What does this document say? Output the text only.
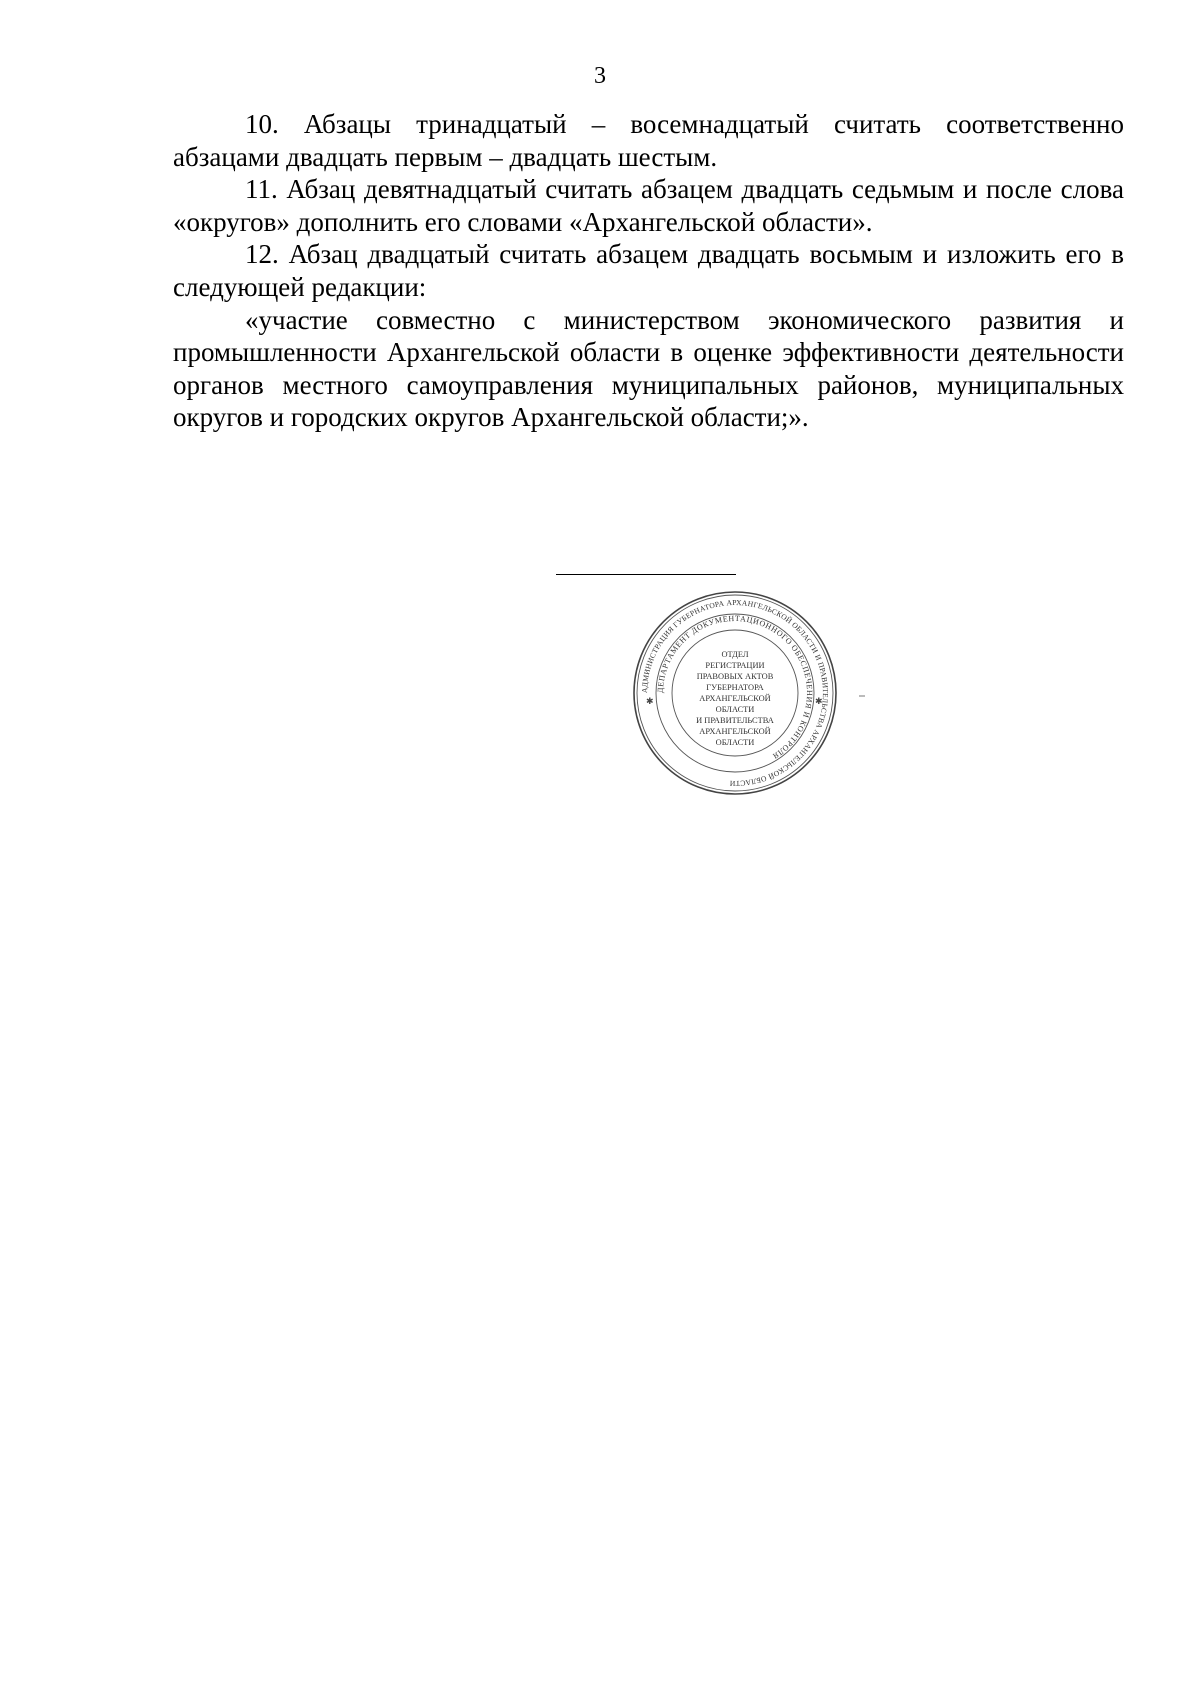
3

10. Абзацы тринадцатый – восемнадцатый считать соответственно абзацами двадцать первым – двадцать шестым.

11. Абзац девятнадцатый считать абзацем двадцать седьмым и после слова «округов» дополнить его словами «Архангельской области».

12. Абзац двадцатый считать абзацем двадцать восьмым и изложить его в следующей редакции:

«участие совместно с министерством экономического развития и промышленности Архангельской области в оценке эффективности деятельности органов местного самоуправления муниципальных районов, муниципальных округов и городских округов Архангельской области;».

АДМИНИСТРАЦИЯ ГУБЕРНАТОРА АРХАНГЕЛЬСКОЙ ОБЛАСТИ И ПРАВИТЕЛЬСТВА АРХАНГЕЛЬСКОЙ ОБЛАСТИ
ДЕПАРТАМЕНТ ДОКУМЕНТАЦИОННОГО ОБЕСПЕЧЕНИЯ И КОНТРОЛЯ
✱	✱
ОТДЕЛ
РЕГИСТРАЦИИ
ПРАВОВЫХ АКТОВ
ГУБЕРНАТОРА
АРХАНГЕЛЬСКОЙ
ОБЛАСТИ
И ПРАВИТЕЛЬСТВА
АРХАНГЕЛЬСКОЙ
ОБЛАСТИ
